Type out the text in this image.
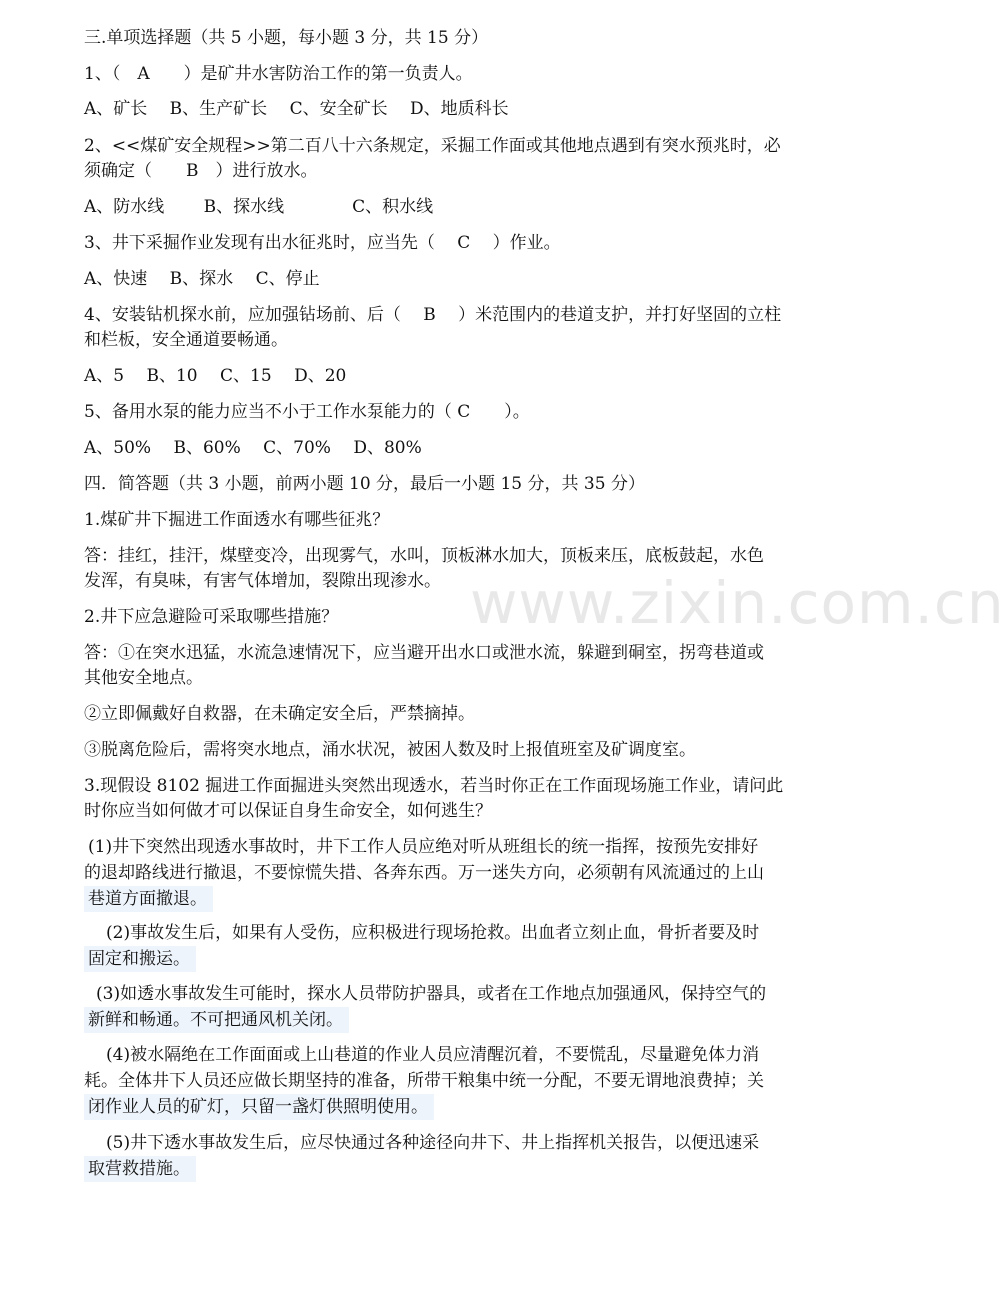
三.单项选择题（共 5 小题，每小题 3 分，共 15 分）
1、（　A　　）是矿井水害防治工作的第一负责人。
A、矿长　 B、生产矿长　 C、安全矿长　 D、地质科长
2、<<煤矿安全规程>>第二百八十六条规定，采掘工作面或其他地点遇到有突水预兆时，必
须确定（　　B　）进行放水。
A、防水线　　 B、探水线　　　　C、积水线
3、井下采掘作业发现有出水征兆时，应当先（　 C　 ）作业。
A、快速　 B、探水　 C、停止
4、安装钻机探水前，应加强钻场前、后（　 B　 ）米范围内的巷道支护，并打好坚固的立柱
和栏板，安全通道要畅通。
A、5　 B、10　 C、15　 D、20
5、备用水泵的能力应当不小于工作水泵能力的（ C　　）。
A、50%　 B、60%　 C、70%　 D、80%
四．简答题（共 3 小题，前两小题 10 分，最后一小题 15 分，共 35 分）
1.煤矿井下掘进工作面透水有哪些征兆？
答：挂红，挂汗，煤壁变冷，出现雾气，水叫，顶板淋水加大，顶板来压，底板鼓起，水色
发浑，有臭味，有害气体增加，裂隙出现渗水。
2.井下应急避险可采取哪些措施？
答：①在突水迅猛，水流急速情况下，应当避开出水口或泄水流，躲避到硐室，拐弯巷道或
其他安全地点。
②立即佩戴好自救器，在未确定安全后，严禁摘掉。
③脱离危险后，需将突水地点，涌水状况，被困人数及时上报值班室及矿调度室。
3.现假设 8102 掘进工作面掘进头突然出现透水，若当时你正在工作面现场施工作业，请问此
时你应当如何做才可以保证自身生命安全，如何逃生？
(1)井下突然出现透水事故时，井下工作人员应绝对听从班组长的统一指挥，按预先安排好
的退却路线进行撤退，不要惊慌失措、各奔东西。万一迷失方向，必须朝有风流通过的上山
巷道方面撤退。
(2)事故发生后，如果有人受伤，应积极进行现场抢救。出血者立刻止血，骨折者要及时
固定和搬运。
(3)如透水事故发生可能时，探水人员带防护器具，或者在工作地点加强通风，保持空气的
新鲜和畅通。不可把通风机关闭。
(4)被水隔绝在工作面面或上山巷道的作业人员应清醒沉着，不要慌乱，尽量避免体力消
耗。全体井下人员还应做长期坚持的准备，所带干粮集中统一分配，不要无谓地浪费掉；关
闭作业人员的矿灯，只留一盏灯供照明使用。
(5)井下透水事故发生后，应尽快通过各种途径向井下、井上指挥机关报告，以便迅速采
取营救措施。
www.zixin.com.cn
